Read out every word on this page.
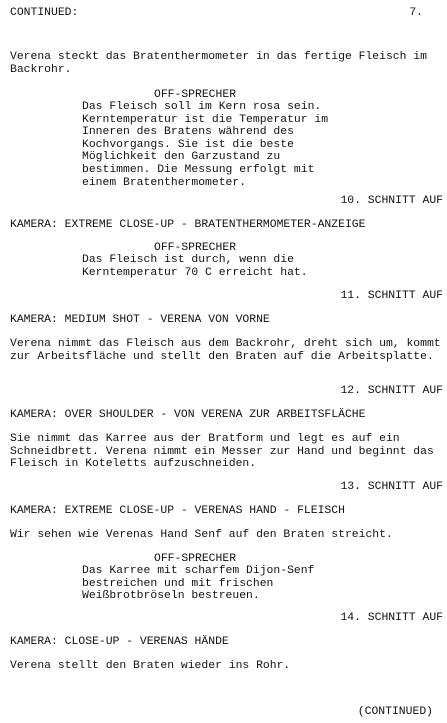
CONTINUED:	7.
Verena steckt das Bratenthermometer in das fertige Fleisch im Backrohr.
OFF-SPRECHER
Das Fleisch soll im Kern rosa sein. Kerntemperatur ist die Temperatur im Inneren des Bratens während des Kochvorgangs. Sie ist die beste Möglichkeit den Garzustand zu bestimmen. Die Messung erfolgt mit einem Bratenthermometer.
10. SCHNITT AUF
KAMERA: EXTREME CLOSE-UP - BRATENTHERMOMETER-ANZEIGE
OFF-SPRECHER
Das Fleisch ist durch, wenn die Kerntemperatur 70 C erreicht hat.
11. SCHNITT AUF
KAMERA: MEDIUM SHOT - VERENA VON VORNE
Verena nimmt das Fleisch aus dem Backrohr, dreht sich um, kommt zur Arbeitsfläche und stellt den Braten auf die Arbeitsplatte.
12. SCHNITT AUF
KAMERA: OVER SHOULDER - VON VERENA ZUR ARBEITSFLÄCHE
Sie nimmt das Karree aus der Bratform und legt es auf ein Schneidbrett. Verena nimmt ein Messer zur Hand und beginnt das Fleisch in Koteletts aufzuschneiden.
13. SCHNITT AUF
KAMERA: EXTREME CLOSE-UP - VERENAS HAND - FLEISCH
Wir sehen wie Verenas Hand Senf auf den Braten streicht.
OFF-SPRECHER
Das Karree mit scharfem Dijon-Senf bestreichen und mit frischen Weißbrotbröseln bestreuen.
14. SCHNITT AUF
KAMERA: CLOSE-UP - VERENAS HÄNDE
Verena stellt den Braten wieder ins Rohr.
(CONTINUED)
